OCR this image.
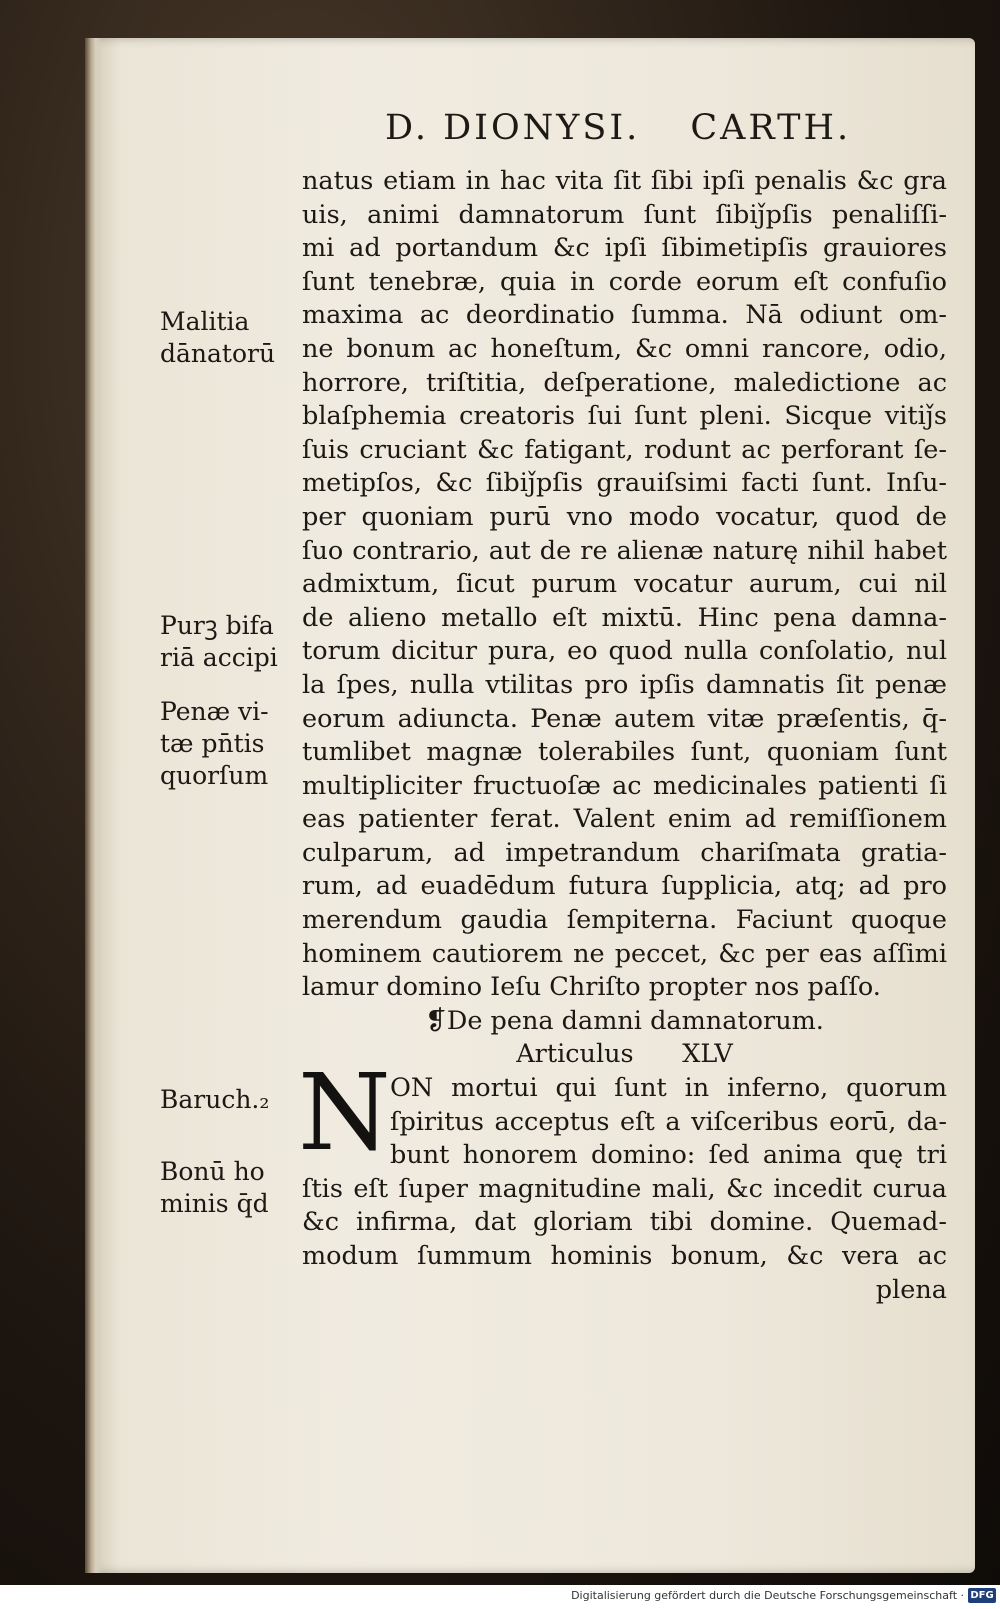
D. DIONYSI. CARTH.
natus etiam in hac vita ſit ſibi ipſi penalis &c gra
uis, animi damnatorum ſunt ſibiǰpſis penaliſſi-
mi ad portandum &c ipſi ſibimetipſis grauiores
ſunt tenebræ, quia in corde eorum eſt confuſio
maxima ac deordinatio ſumma. Nā odiunt om-
ne bonum ac honeſtum, &c omni rancore, odio,
horrore, triſtitia, deſperatione, maledictione ac
blaſphemia creatoris ſui ſunt pleni. Sicque vitiǰs
ſuis cruciant &c fatigant, rodunt ac perforant ſe-
metipſos, &c ſibiǰpſis grauiſsimi facti ſunt. Inſu-
per quoniam purū vno modo vocatur, quod de
ſuo contrario, aut de re alienæ naturę nihil habet
admixtum, ſicut purum vocatur aurum, cui nil
de alieno metallo eſt mixtū. Hinc pena damna-
torum dicitur pura, eo quod nulla conſolatio, nul
la ſpes, nulla vtilitas pro ipſis damnatis ſit penæ
eorum adiuncta. Penæ autem vitæ præſentis, q̄-
tumlibet magnæ tolerabiles ſunt, quoniam ſunt
multipliciter fructuoſæ ac medicinales patienti ſi
eas patienter ferat. Valent enim ad remiſſionem
culparum, ad impetrandum chariſmata gratia-
rum, ad euadēdum futura ſupplicia, atq; ad pro
merendum gaudia ſempiterna. Faciunt quoque
hominem cautiorem ne peccet, &c per eas aſſimi
lamur domino Ieſu Chriſto propter nos paſſo.
❡De pena damni damnatorum.
Articulus      XLV
ON mortui qui ſunt in inferno, quorum
ſpiritus acceptus eſt a viſceribus eorū, da-
bunt honorem domino: ſed anima quę tri
ſtis eſt ſuper magnitudine mali, &c incedit curua
&c infirma, dat gloriam tibi domine. Quemad-
modum ſummum hominis bonum, &c vera ac
plena
N
Malitia
dānatorū
Purꝫ bifa
riā accipi
Penæ vi-
tæ pn̄tis
quorſum
Baruch.₂
Bonū ho
minis q̄d
Digitalisierung gefördert durch die Deutsche Forschungsgemeinschaft · DFG
